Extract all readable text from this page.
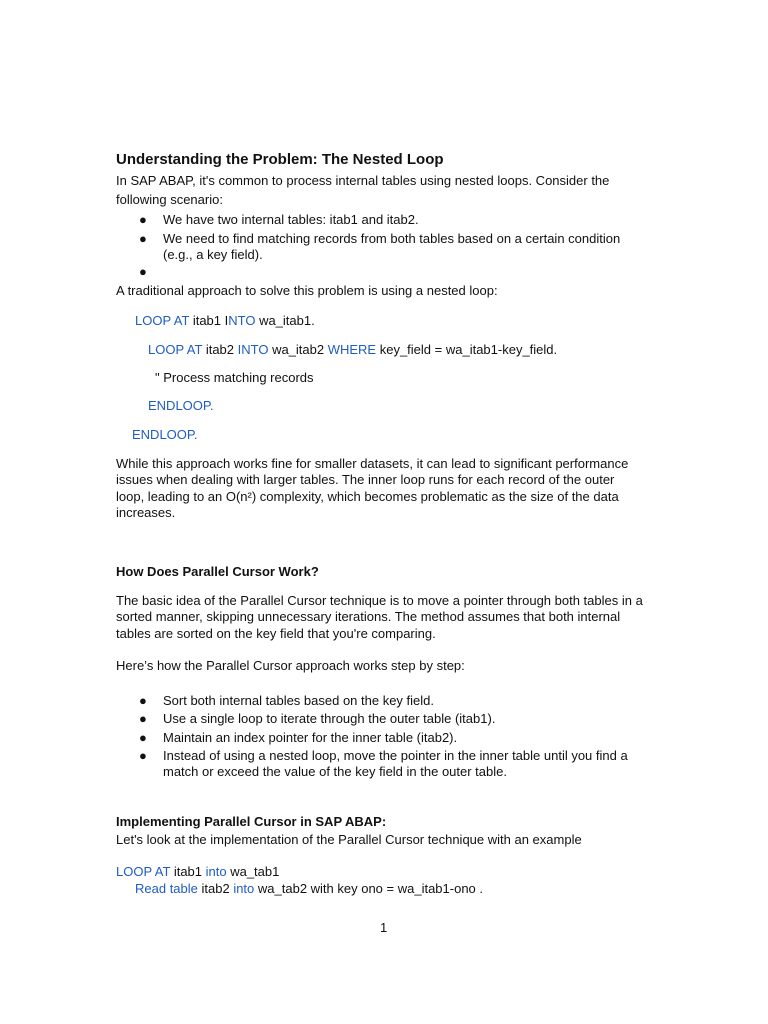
Understanding the Problem: The Nested Loop
In SAP ABAP, it's common to process internal tables using nested loops. Consider the
following scenario:
● We have two internal tables: itab1 and itab2.
● We need to find matching records from both tables based on a certain condition
(e.g., a key field).
●
A traditional approach to solve this problem is using a nested loop:
LOOP AT itab1 INTO wa_itab1.
LOOP AT itab2 INTO wa_itab2 WHERE key_field = wa_itab1-key_field.
" Process matching records
ENDLOOP.
ENDLOOP.
While this approach works fine for smaller datasets, it can lead to significant performance
issues when dealing with larger tables. The inner loop runs for each record of the outer
loop, leading to an O(n²) complexity, which becomes problematic as the size of the data
increases.
How Does Parallel Cursor Work?
The basic idea of the Parallel Cursor technique is to move a pointer through both tables in a
sorted manner, skipping unnecessary iterations. The method assumes that both internal
tables are sorted on the key field that you're comparing.
Here’s how the Parallel Cursor approach works step by step:
● Sort both internal tables based on the key field.
● Use a single loop to iterate through the outer table (itab1).
● Maintain an index pointer for the inner table (itab2).
● Instead of using a nested loop, move the pointer in the inner table until you find a
match or exceed the value of the key field in the outer table.
Implementing Parallel Cursor in SAP ABAP:
Let's look at the implementation of the Parallel Cursor technique with an example
LOOP AT itab1 into wa_tab1
Read table itab2 into wa_tab2 with key ono = wa_itab1-ono .
1
